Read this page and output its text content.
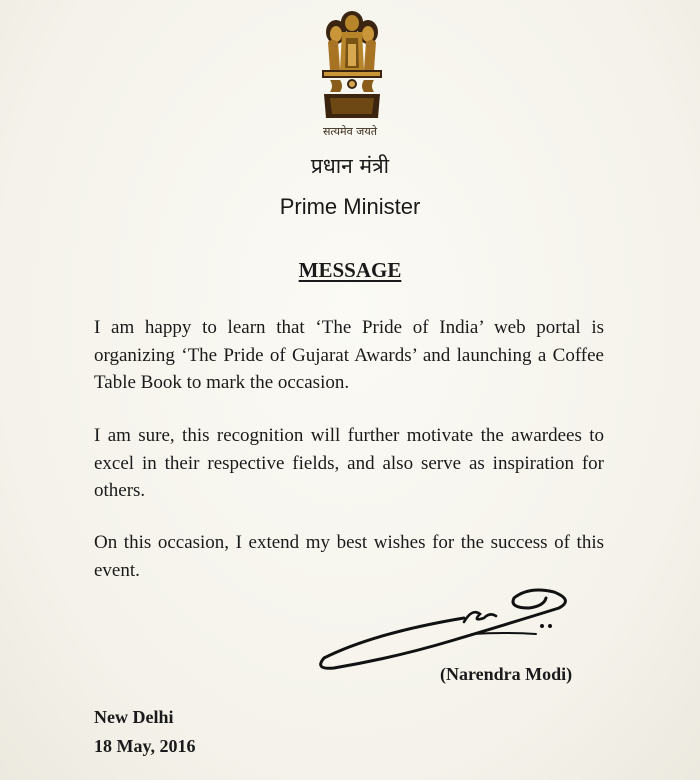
सत्यमेव जयते
प्रधान मंत्री
Prime Minister
MESSAGE
I am happy to learn that ‘The Pride of India’ web portal is organizing ‘The Pride of Gujarat Awards’ and launching a Coffee Table Book to mark the occasion.
I am sure, this recognition will further motivate the awardees to excel in their respective fields, and also serve as inspiration for others.
On this occasion, I extend my best wishes for the success of this event.
(Narendra Modi)
New Delhi
18 May, 2016
